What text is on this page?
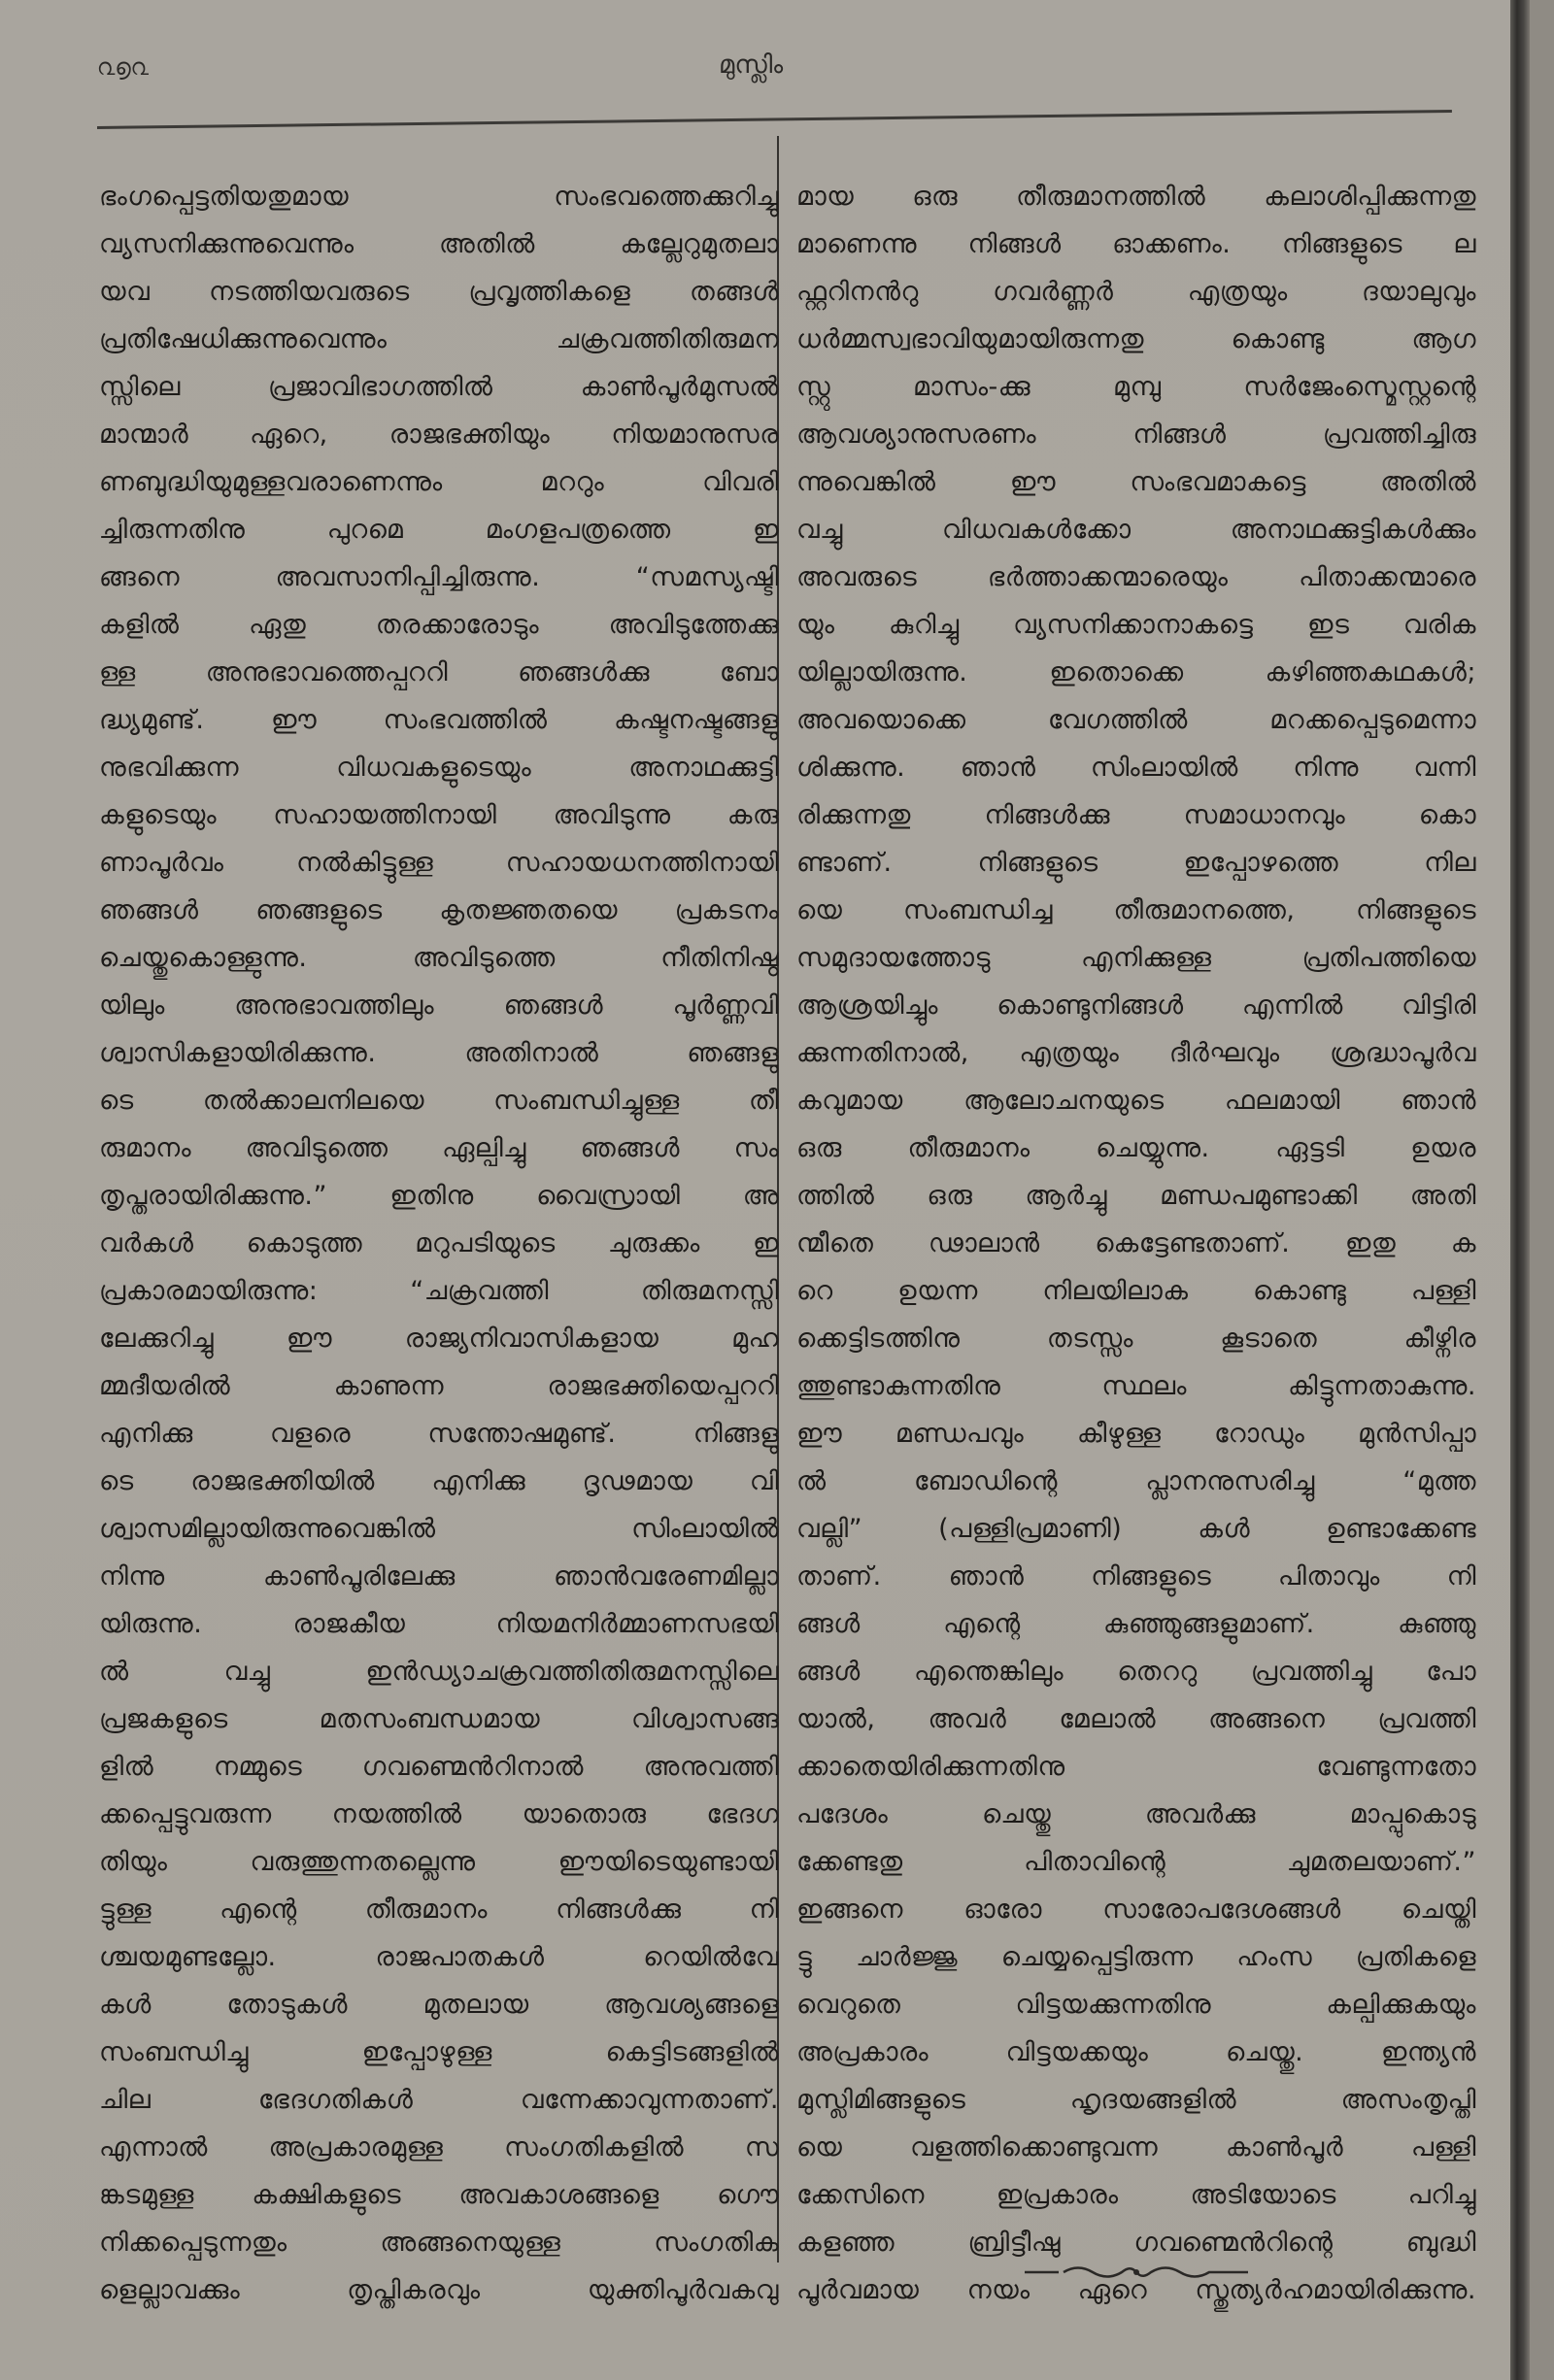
൨൭൨	മുസ്ലിം
ഭംഗപ്പെട്ടതിയതുമായ സംഭവത്തെക്കുറിച്ചു
വ്യസനിക്കുന്നുവെന്നും അതിൽ കല്ലേറുമുതലാ
യവ നടത്തിയവരുടെ പ്രവൃത്തികളെ തങ്ങൾ
പ്രതിഷേധിക്കുന്നുവെന്നും ചക്രവത്തിതിരുമന
സ്സിലെ പ്രജാവിഭാഗത്തിൽ കാൺപൂർമുസൽ
മാന്മാർ ഏറെ, രാജഭക്തിയും നിയമാനുസര
ണബുദ്ധിയുമുള്ളവരാണെന്നും മററും വിവരി
ച്ചിരുന്നതിനു പുറമെ മംഗളപത്രത്തെ ഇ
ങ്ങനെ അവസാനിപ്പിച്ചിരുന്നു. “സമസ്യഷ്ടി
കളിൽ ഏതു തരക്കാരോടും അവിടുത്തേക്കു
ള്ള അനുഭാവത്തെപ്പററി ഞങ്ങൾക്കു ബോ
ദ്ധ്യമുണ്ട്. ഈ സംഭവത്തിൽ കഷ്ടനഷ്ടങ്ങളു
നുഭവിക്കുന്ന വിധവകളുടെയും അനാഥക്കുട്ടി
കളുടെയും സഹായത്തിനായി അവിടുന്നു കരു
ണാപൂർവം നൽകിട്ടുള്ള സഹായധനത്തിനായി
ഞങ്ങൾ ഞങ്ങളുടെ കൃതജ്ഞതയെ പ്രകടനം
ചെയ്തുകൊള്ളുന്നു. അവിടുത്തെ നീതിനിഷ്ഠ
യിലും അനുഭാവത്തിലും ഞങ്ങൾ പൂർണ്ണവി
ശ്വാസികളായിരിക്കുന്നു. അതിനാൽ ഞങ്ങളു
ടെ തൽക്കാലനിലയെ സംബന്ധിച്ചുള്ള തീ
രുമാനം അവിടുത്തെ ഏല്പിച്ചു ഞങ്ങൾ സം
തൃപ്തരായിരിക്കുന്നു.” ഇതിനു വൈസ്രായി അ
വർകൾ കൊടുത്ത മറുപടിയുടെ ചുരുക്കം ഇ
പ്രകാരമായിരുന്നു: “ചക്രവത്തി തിരുമനസ്സി
ലേക്കുറിച്ചു ഈ രാജ്യനിവാസികളായ മുഹ
മ്മദീയരിൽ കാണുന്ന രാജഭക്തിയെപ്പററി
എനിക്കു വളരെ സന്തോഷമുണ്ട്. നിങ്ങളു
ടെ രാജഭക്തിയിൽ എനിക്കു ദൃഢമായ വി
ശ്വാസമില്ലായിരുന്നുവെങ്കിൽ സിംലായിൽ
നിന്നു കാൺപൂരിലേക്കു ഞാൻവരേണമില്ലാ
യിരുന്നു. രാജകീയ നിയമനിർമ്മാണസഭയി
ൽ വച്ചു ഇൻഡ്യാചക്രവത്തിതിരുമനസ്സിലെ
പ്രജകളുടെ മതസംബന്ധമായ വിശ്വാസങ്ങ
ളിൽ നമ്മുടെ ഗവണ്മെൻറിനാൽ അനുവത്തി
ക്കപ്പെട്ടുവരുന്ന നയത്തിൽ യാതൊരു ഭേദഗ
തിയും വരുത്തുന്നതല്ലെന്നു ഈയിടെയുണ്ടായി
ട്ടുള്ള എന്റെ തീരുമാനം നിങ്ങൾക്കു നി
ശ്ചയമുണ്ടല്ലോ. രാജപാതകൾ റെയിൽവേ
കൾ തോടുകൾ മുതലായ ആവശ്യങ്ങളെ
സംബന്ധിച്ചു ഇപ്പോഴുള്ള കെട്ടിടങ്ങളിൽ
ചില ഭേദഗതികൾ വന്നേക്കാവുന്നതാണ്.
എന്നാൽ അപ്രകാരമുള്ള സംഗതികളിൽ സ
ങ്കടമുള്ള കക്ഷികളുടെ അവകാശങ്ങളെ ഗൌ
നിക്കപ്പെടുന്നതും അങ്ങനെയുള്ള സംഗതിക
ളെല്ലാവക്കും തൃപ്തികരവും യുക്തിപൂർവകവു
മായ ഒരു തീരുമാനത്തിൽ കലാശിപ്പിക്കുന്നതു
മാണെന്നു നിങ്ങൾ ഓക്കണം. നിങ്ങളുടെ ല
ഫ്റ്ററിനൻറു ഗവർണ്ണർ എത്രയും ദയാലുവും
ധർമ്മസ്വഭാവിയുമായിരുന്നതു കൊണ്ടു ആഗ
സ്റ്റു മാസം-ക്കു മുമ്പു സർജേംസ്മെസ്റ്റന്റെ
ആവശ്യാനുസരണം നിങ്ങൾ പ്രവത്തിച്ചിരു
ന്നുവെങ്കിൽ ഈ സംഭവമാകട്ടെ അതിൽ
വച്ചു വിധവകൾക്കോ അനാഥക്കുട്ടികൾക്കും
അവരുടെ ഭർത്താക്കന്മാരെയും പിതാക്കന്മാരെ
യും കുറിച്ചു വ്യസനിക്കാനാകട്ടെ ഇട വരിക
യില്ലായിരുന്നു. ഇതൊക്കെ കഴിഞ്ഞകഥകൾ;
അവയൊക്കെ വേഗത്തിൽ മറക്കപ്പെടുമെന്നാ
ശിക്കുന്നു. ഞാൻ സിംലായിൽ നിന്നു വന്നി
രിക്കുന്നതു നിങ്ങൾക്കു സമാധാനവും കൊ
ണ്ടാണ്. നിങ്ങളുടെ ഇപ്പോഴത്തെ നില
യെ സംബന്ധിച്ച തീരുമാനത്തെ, നിങ്ങളുടെ
സമുദായത്തോടു എനിക്കുള്ള പ്രതിപത്തിയെ
ആശ്രയിച്ചും കൊണ്ടുനിങ്ങൾ എന്നിൽ വിട്ടിരി
ക്കുന്നതിനാൽ, എത്രയും ദീർഘവും ശ്രദ്ധാപൂർവ
കവുമായ ആലോചനയുടെ ഫലമായി ഞാൻ
ഒരു തീരുമാനം ചെയ്യുന്നു. ഏട്ടടി ഉയര
ത്തിൽ ഒരു ആർച്ചു മണ്ഡപമുണ്ടാക്കി അതി
ന്മീതെ ഢാലാൻ കെട്ടേണ്ടതാണ്. ഇതു ക
റെ ഉയന്ന നിലയിലാക കൊണ്ടു പള്ളി
ക്കെട്ടിടത്തിനു തടസ്സം കൂടാതെ കീഴ്നിര
ത്തുണ്ടാകുന്നതിനു സ്ഥലം കിട്ടുന്നതാകുന്നു.
ഈ മണ്ഡപവും കീഴുള്ള റോഡും മുൻസിപ്പാ
ൽ ബോഡിന്റെ പ്ലാനനുസരിച്ചു “മുത്ത
വല്ലി” (പള്ളിപ്രമാണി) കൾ ഉണ്ടാക്കേണ്ട
താണ്. ഞാൻ നിങ്ങളുടെ പിതാവും നി
ങ്ങൾ എന്റെ കുഞ്ഞുങ്ങളുമാണ്. കുഞ്ഞു
ങ്ങൾ എന്തെങ്കിലും തെററു പ്രവത്തിച്ചു പോ
യാൽ, അവർ മേലാൽ അങ്ങനെ പ്രവത്തി
ക്കാതെയിരിക്കുന്നതിനു വേണ്ടുന്നതോ
പദേശം ചെയ്തു അവർക്കു മാപ്പുകൊടു
ക്കേണ്ടതു പിതാവിന്റെ ചുമതലയാണ്.”
ഇങ്ങനെ ഓരോ സാരോപദേശങ്ങൾ ചെയ്തി
ട്ടു ചാർജ്ജു ചെയ്യപ്പെട്ടിരുന്ന ഹംസ പ്രതികളെ
വെറുതെ വിട്ടയക്കുന്നതിനു കല്പിക്കുകയും
അപ്രകാരം വിട്ടയക്കയും ചെയ്തു. ഇന്ത്യൻ
മുസ്ലിമിങ്ങളുടെ ഹൃദയങ്ങളിൽ അസംതൃപ്തി
യെ വളത്തിക്കൊണ്ടുവന്ന കാൺപൂർ പള്ളി
ക്കേസിനെ ഇപ്രകാരം അടിയോടെ പറിച്ചു
കളഞ്ഞ ബ്രിട്ടീഷു ഗവണ്മെൻറിന്റെ ബുദ്ധി
പൂർവമായ നയം ഏറെ സ്തുത്യർഹമായിരിക്കുന്നു.
